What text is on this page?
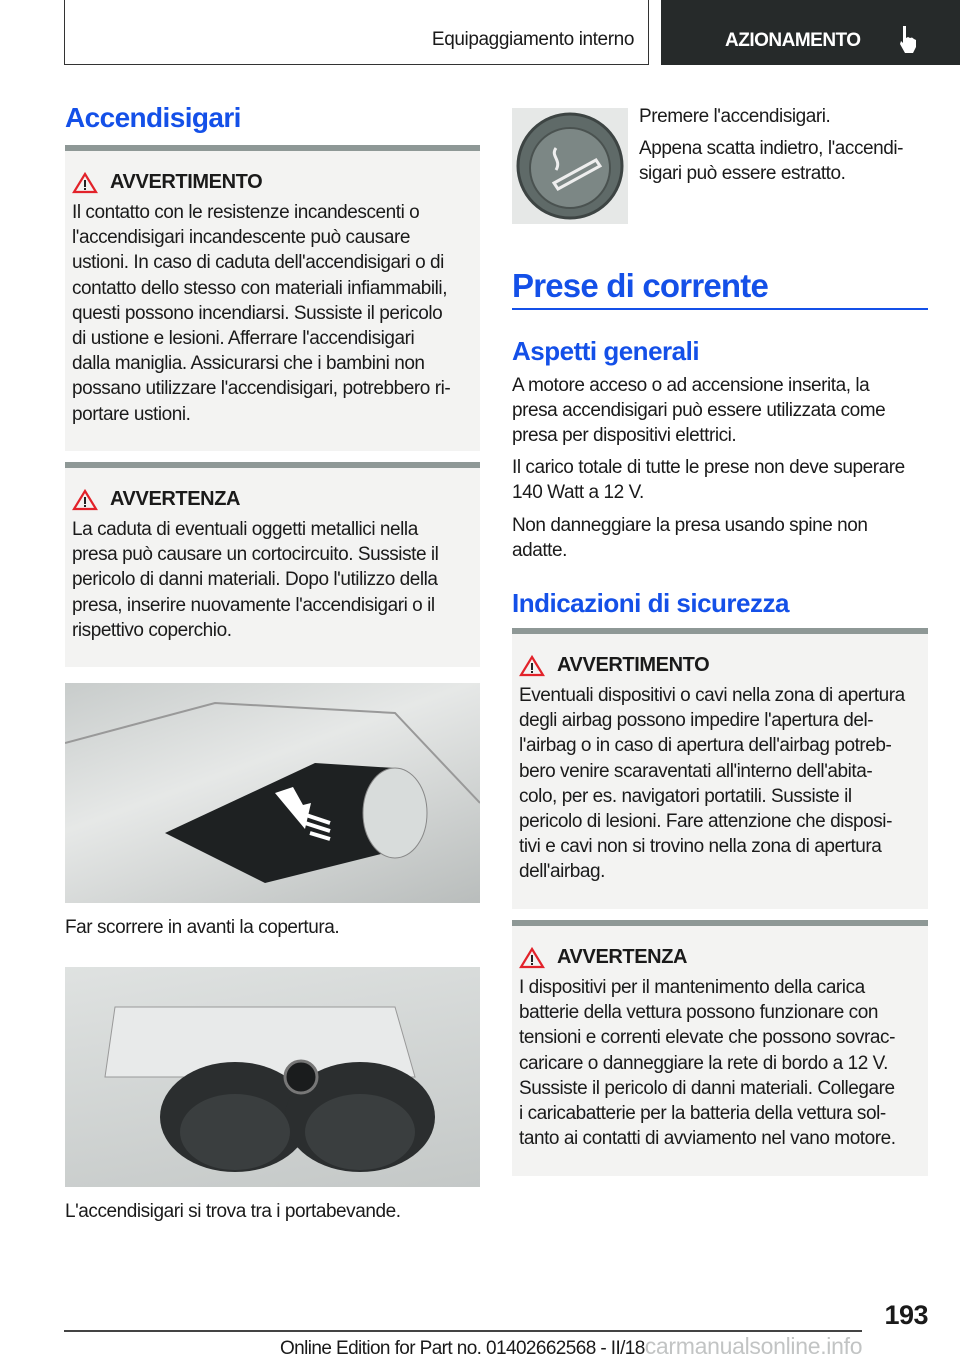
Equipaggiamento interno	AZIONAMENTO
Accendisigari
AVVERTIMENTO
Il contatto con le resistenze incandescenti o
l'accendisigari incandescente può causare
ustioni. In caso di caduta dell'accendisigari o di
contatto dello stesso con materiali infiammabili,
questi possono incendiarsi. Sussiste il pericolo
di ustione e lesioni. Afferrare l'accendisigari
dalla maniglia. Assicurarsi che i bambini non
possano utilizzare l'accendisigari, potrebbero ri-
portare ustioni.
AVVERTENZA
La caduta di eventuali oggetti metallici nella
presa può causare un cortocircuito. Sussiste il
pericolo di danni materiali. Dopo l'utilizzo della
presa, inserire nuovamente l'accendisigari o il
rispettivo coperchio.
Far scorrere in avanti la copertura.
L'accendisigari si trova tra i portabevande.
Premere l'accendisigari.
Appena scatta indietro, l'accendi-
sigari può essere estratto.
Prese di corrente
Aspetti generali
A motore acceso o ad accensione inserita, la
presa accendisigari può essere utilizzata come
presa per dispositivi elettrici.
Il carico totale di tutte le prese non deve superare
140 Watt a 12 V.
Non danneggiare la presa usando spine non
adatte.
Indicazioni di sicurezza
AVVERTIMENTO
Eventuali dispositivi o cavi nella zona di apertura
degli airbag possono impedire l'apertura del-
l'airbag o in caso di apertura dell'airbag potreb-
bero venire scaraventati all'interno dell'abita-
colo, per es. navigatori portatili. Sussiste il
pericolo di lesioni. Fare attenzione che disposi-
tivi e cavi non si trovino nella zona di apertura
dell'airbag.
AVVERTENZA
I dispositivi per il mantenimento della carica
batterie della vettura possono funzionare con
tensioni e correnti elevate che possono sovrac-
caricare o danneggiare la rete di bordo a 12 V.
Sussiste il pericolo di danni materiali. Collegare
i caricabatterie per la batteria della vettura sol-
tanto ai contatti di avviamento nel vano motore.
193
Online Edition for Part no. 01402662568 - II/18carmanualsonline.info
